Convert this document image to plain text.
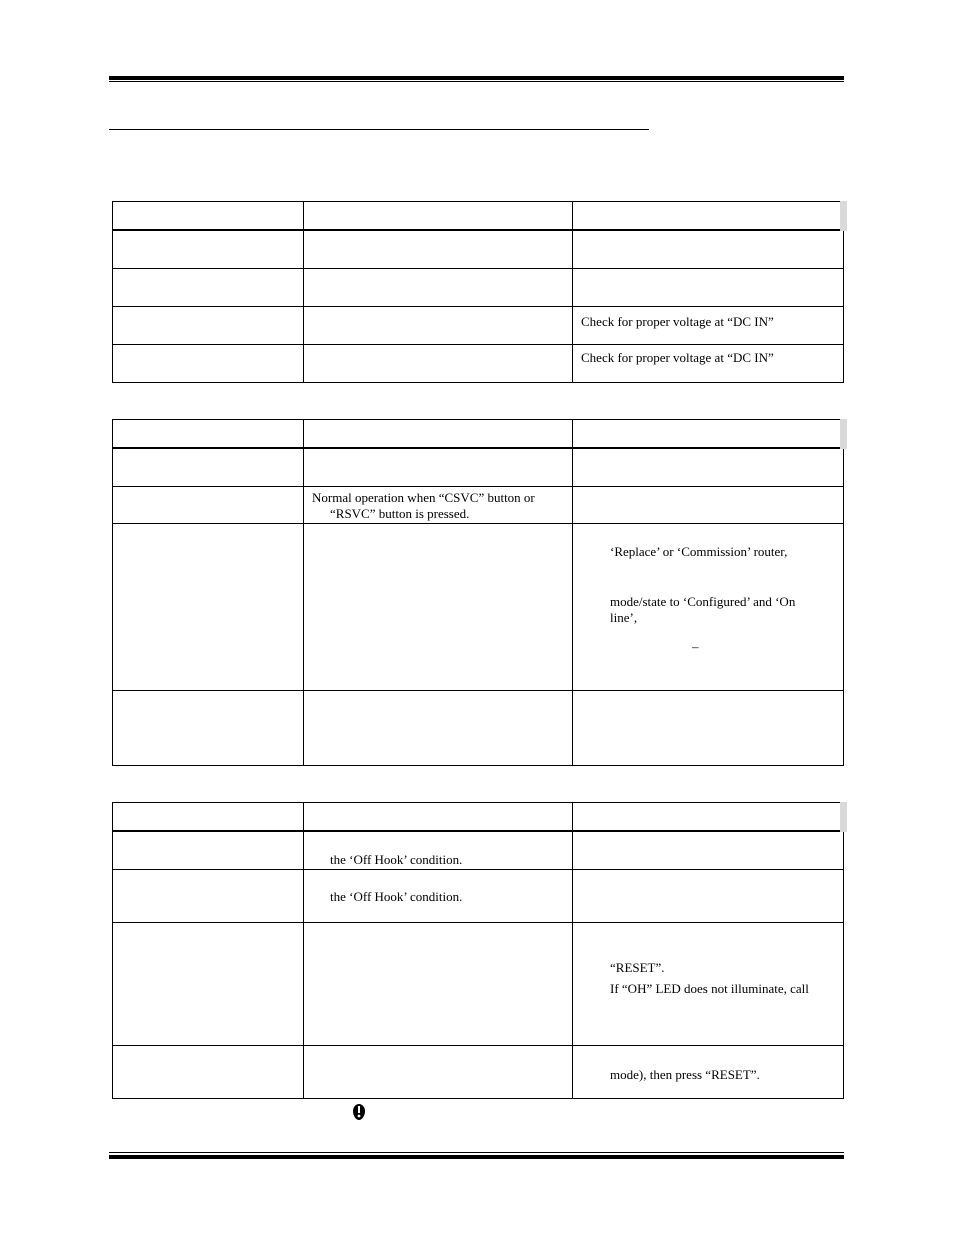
		Check for proper voltage at “DC IN”

		Check for proper voltage at “DC IN”

	Normal operation when “CSVC” button or
“RSVC” button is pressed.	

		‘Replace’ or ‘Commission’ router,
mode/state to ‘Configured’ and ‘On
line’,
–

	the ‘Off Hook’ condition.	

	the ‘Off Hook’ condition.	

		“RESET”.
If “OH” LED does not illuminate, call

		mode), then press “RESET”.
